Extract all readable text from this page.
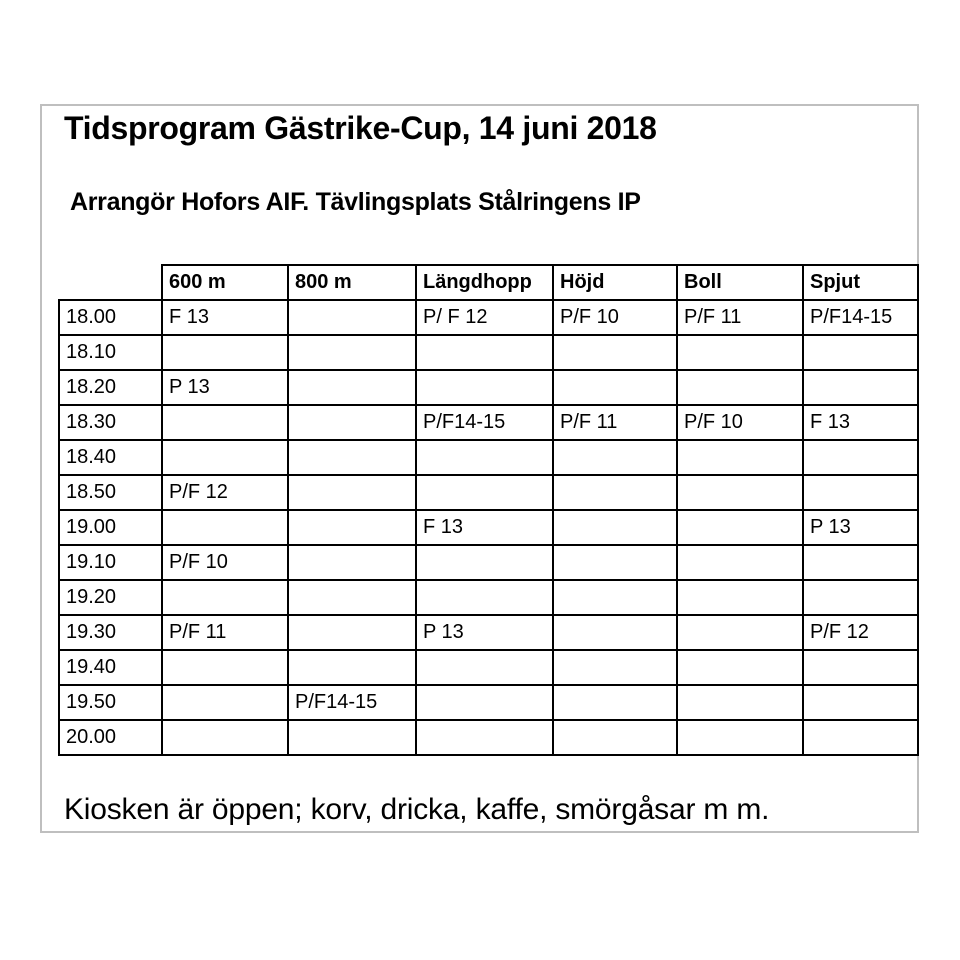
Tidsprogram Gästrike-Cup, 14 juni 2018
Arrangör Hofors AIF. Tävlingsplats Stålringens IP
	600 m	800 m	Längdhopp	Höjd	Boll	Spjut
18.00	F 13		P/ F 12	P/F 10	P/F 11	P/F14-15
18.10						
18.20	P 13					
18.30			P/F14-15	P/F 11	P/F 10	F 13
18.40						
18.50	P/F 12					
19.00			F 13			P 13
19.10	P/F 10					
19.20						
19.30	P/F 11		P 13			P/F 12
19.40						
19.50		P/F14-15				
20.00						
Kiosken är öppen; korv, dricka, kaffe, smörgåsar m m.
